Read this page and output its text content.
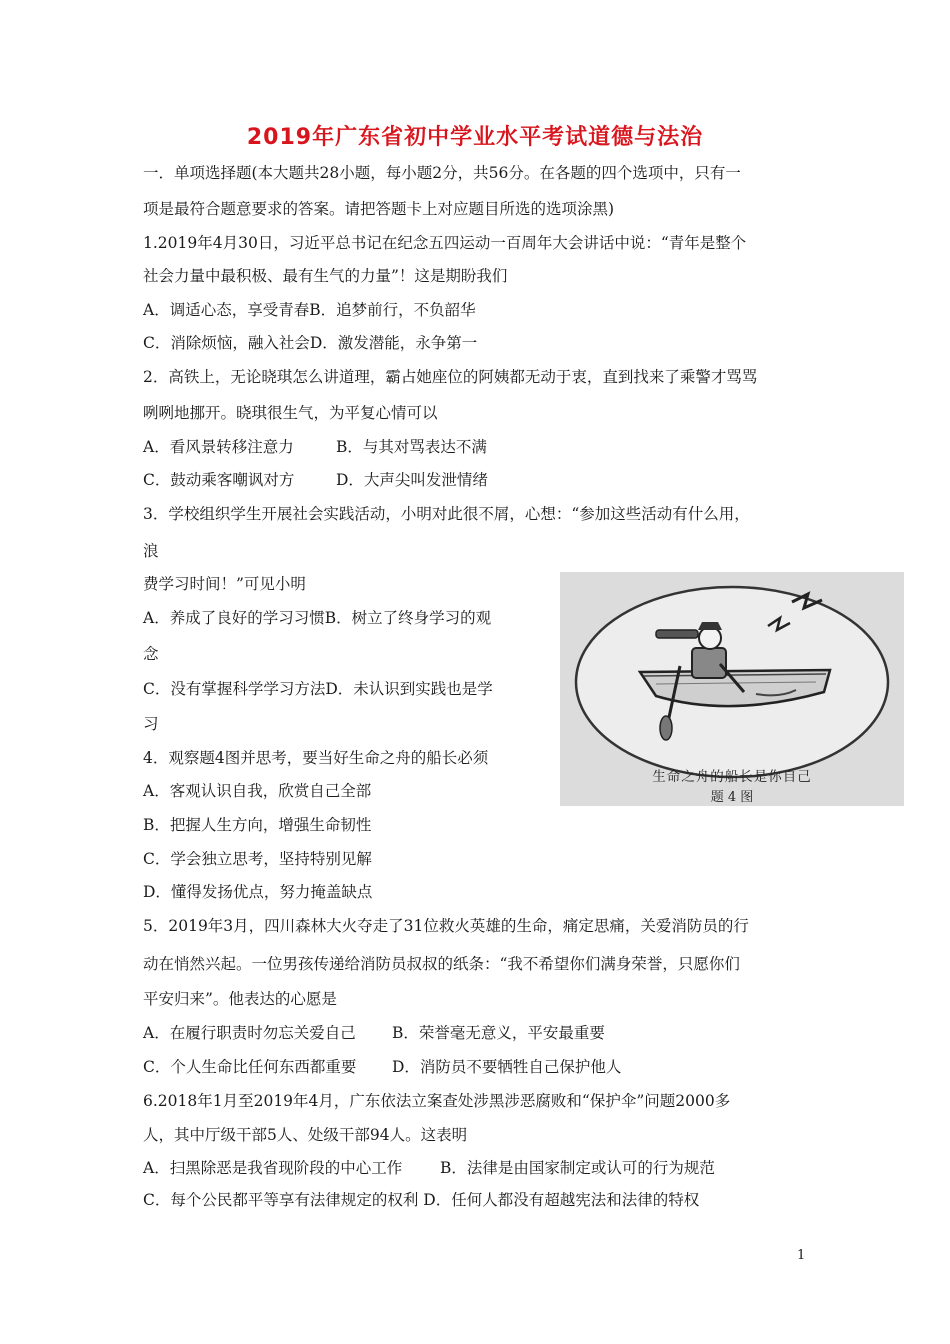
2019年广东省初中学业水平考试道德与法治
一．单项选择题(本大题共28小题，每小题2分，共56分。在各题的四个选项中，只有一
项是最符合题意要求的答案。请把答题卡上对应题目所选的选项涂黑)
1.2019年4月30日，习近平总书记在纪念五四运动一百周年大会讲话中说：“青年是整个
社会力量中最积极、最有生气的力量”！这是期盼我们
A．调适心态，享受青春B．追梦前行，不负韶华
C．消除烦恼，融入社会D．激发潜能，永争第一
2．高铁上，无论晓琪怎么讲道理，霸占她座位的阿姨都无动于衷，直到找来了乘警才骂骂
咧咧地挪开。晓琪很生气，为平复心情可以
A．看风景转移注意力	B．与其对骂表达不满
C．鼓动乘客嘲讽对方	D．大声尖叫发泄情绪
3．学校组织学生开展社会实践活动，小明对此很不屑，心想：“参加这些活动有什么用，
浪
费学习时间！”可见小明
A．养成了良好的学习习惯B．树立了终身学习的观
念
C．没有掌握科学学习方法D．未认识到实践也是学
习
4．观察题4图并思考，要当好生命之舟的船长必须
A．客观认识自我，欣赏自己全部
B．把握人生方向，增强生命韧性
C．学会独立思考，坚持特别见解
D．懂得发扬优点，努力掩盖缺点
生命之舟的船长是你自己
题 4 图
5．2019年3月，四川森林大火夺走了31位救火英雄的生命，痛定思痛，关爱消防员的行
动在悄然兴起。一位男孩传递给消防员叔叔的纸条：“我不希望你们满身荣誉，只愿你们
平安归来”。他表达的心愿是
A．在履行职责时勿忘关爱自己 B．荣誉毫无意义，平安最重要
C．个人生命比任何东西都重要 D．消防员不要牺牲自己保护他人
6.2018年1月至2019年4月，广东依法立案查处涉黑涉恶腐败和“保护伞”问题2000多
人，其中厅级干部5人、处级干部94人。这表明
A．扫黑除恶是我省现阶段的中心工作 B．法律是由国家制定或认可的行为规范
C．每个公民都平等享有法律规定的权利 D．任何人都没有超越宪法和法律的特权
1
